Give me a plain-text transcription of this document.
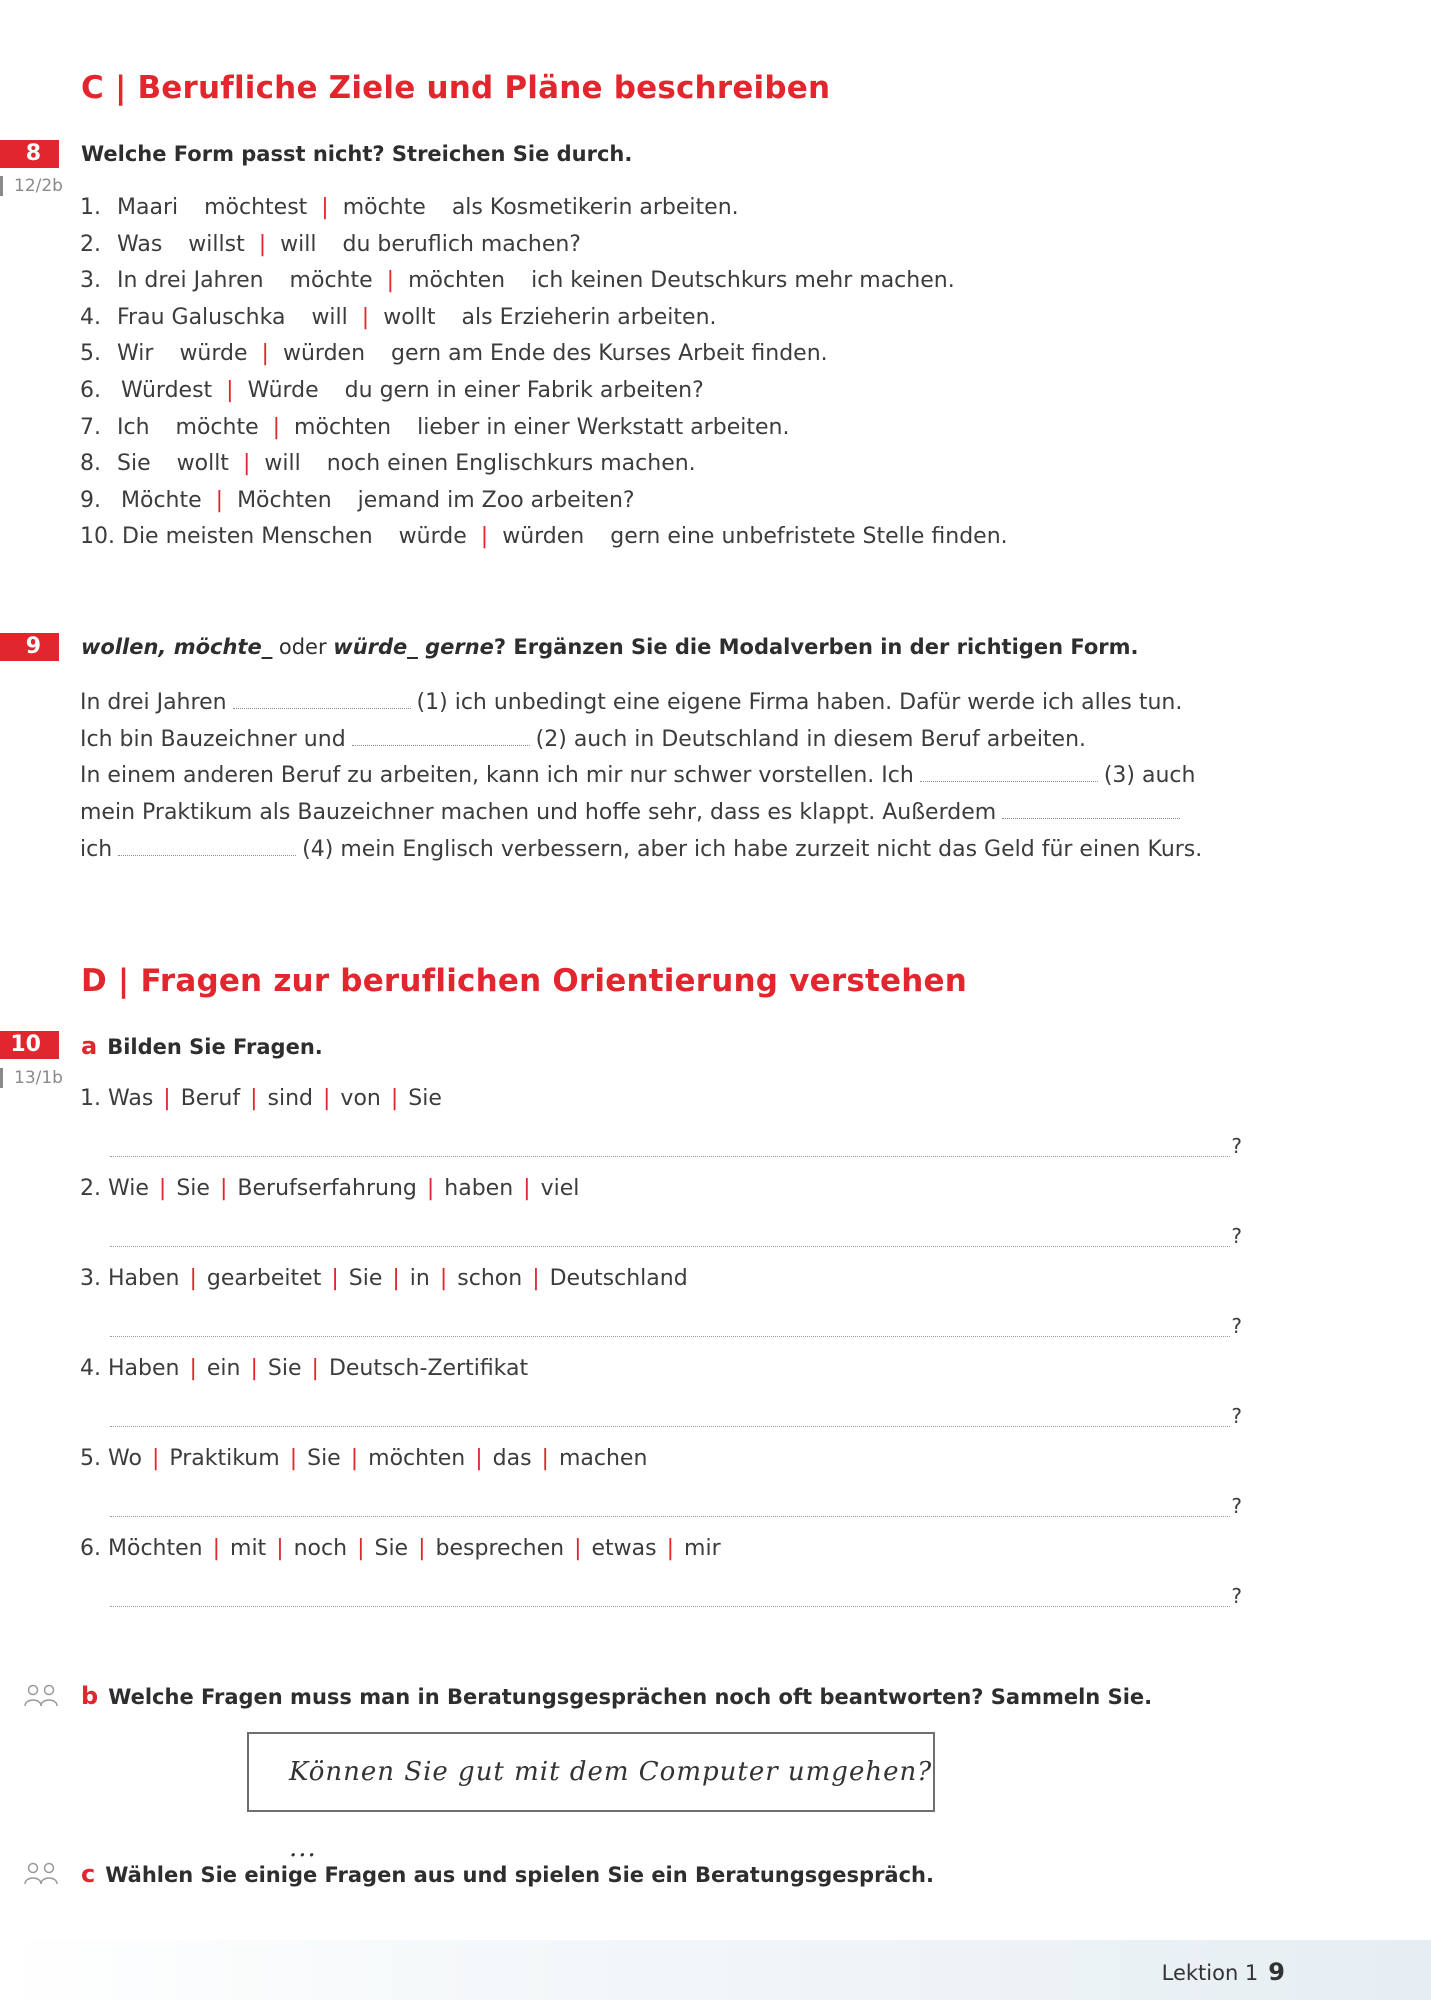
C | Berufliche Ziele und Pläne beschreiben
8
12/2b
Welche Form passt nicht? Streichen Sie durch.
1. Maari möchtest | möchte als Kosmetikerin arbeiten.
2. Was willst | will du beruflich machen?
3. In drei Jahren möchte | möchten ich keinen Deutschkurs mehr machen.
4. Frau Galuschka will | wollt als Erzieherin arbeiten.
5. Wir würde | würden gern am Ende des Kurses Arbeit finden.
6. Würdest | Würde du gern in einer Fabrik arbeiten?
7. Ich möchte | möchten lieber in einer Werkstatt arbeiten.
8. Sie wollt | will noch einen Englischkurs machen.
9. Möchte | Möchten jemand im Zoo arbeiten?
10. Die meisten Menschen würde | würden gern eine unbefristete Stelle finden.
9	wollen, möchte_ oder würde_ gerne? Ergänzen Sie die Modalverben in der richtigen Form.
In drei Jahren	(1) ich unbedingt eine eigene Firma haben. Dafür werde ich alles tun.
Ich bin Bauzeichner und	(2) auch in Deutschland in diesem Beruf arbeiten.
In einem anderen Beruf zu arbeiten, kann ich mir nur schwer vorstellen. Ich	(3) auch
mein Praktikum als Bauzeichner machen und hoffe sehr, dass es klappt. Außerdem
ich	(4) mein Englisch verbessern, aber ich habe zurzeit nicht das Geld für einen Kurs.
D | Fragen zur beruflichen Orientierung verstehen
10
13/1b
a Bilden Sie Fragen.
1. Was | Beruf | sind | von | Sie
?
2. Wie | Sie | Berufserfahrung | haben | viel
?
3. Haben | gearbeitet | Sie | in | schon | Deutschland
?
4. Haben | ein | Sie | Deutsch-Zertifikat
?
5. Wo | Praktikum | Sie | möchten | das | machen
?
6. Möchten | mit | noch | Sie | besprechen | etwas | mir
?
b Welche Fragen muss man in Beratungsgesprächen noch oft beantworten? Sammeln Sie.
Können Sie gut mit dem Computer umgehen? ...
c Wählen Sie einige Fragen aus und spielen Sie ein Beratungsgespräch.
Lektion 1 9
